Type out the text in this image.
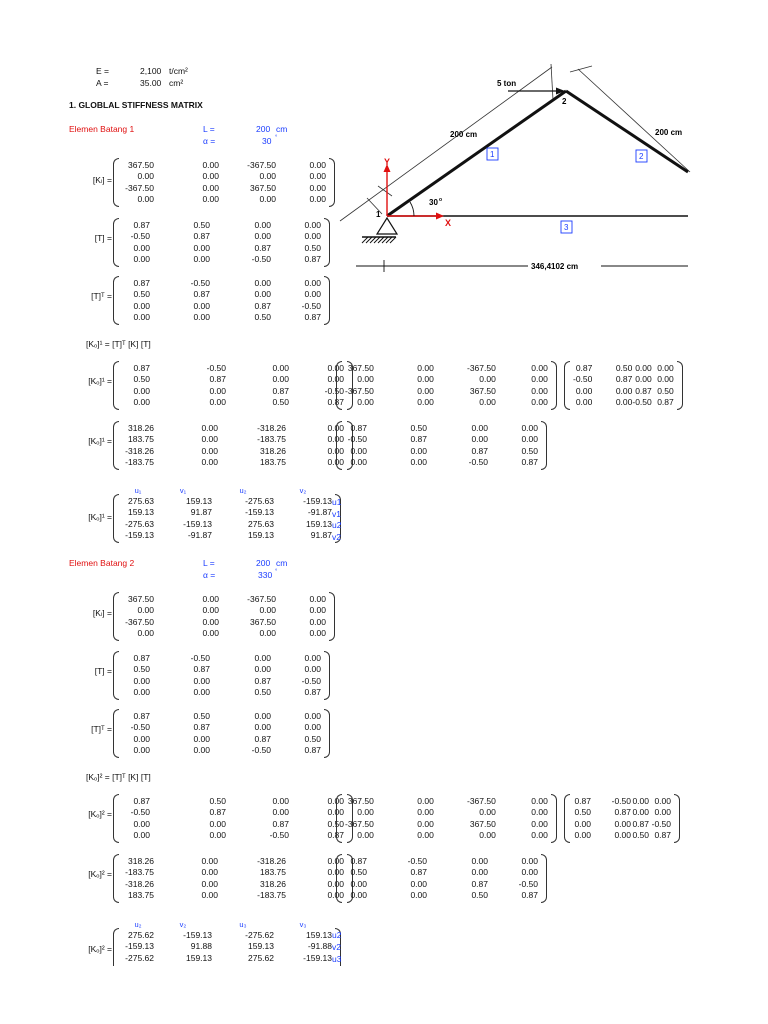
E =	2,100 t/cm²
A =	35.00 cm²
1. GLOBLAL STIFFNESS MATRIX
Elemen Batang 1	L =	200 cm
α =	30 °
[Kₗ] =
367.50	0.00	-367.50	0.00
0.00	0.00	0.00	0.00
-367.50	0.00	367.50	0.00
0.00	0.00	0.00	0.00
[T] =
0.87	0.50	0.00	0.00
-0.50	0.87	0.00	0.00
0.00	0.00	0.87	0.50
0.00	0.00	-0.50	0.87
[T]ᵀ =
0.87	-0.50	0.00	0.00
0.50	0.87	0.00	0.00
0.00	0.00	0.87	-0.50
0.00	0.00	0.50	0.87
[Kₒ]¹ = [T]ᵀ [K] [T]
[Kₒ]¹ =
0.87	-0.50	0.00	0.00
0.50	0.87	0.00	0.00
0.00	0.00	0.87	-0.50
0.00	0.00	0.50	0.87
367.50	0.00	-367.50	0.00
0.00	0.00	0.00	0.00
-367.50	0.00	367.50	0.00
0.00	0.00	0.00	0.00
0.87	0.50	0.00	0.00
-0.50	0.87	0.00	0.00
0.00	0.00	0.87	0.50
0.00	0.00	-0.50	0.87
[Kₒ]¹ =
318.26	0.00	-318.26	0.00
183.75	0.00	-183.75	0.00
-318.26	0.00	318.26	0.00
-183.75	0.00	183.75	0.00
0.87	0.50	0.00	0.00
-0.50	0.87	0.00	0.00
0.00	0.00	0.87	0.50
0.00	0.00	-0.50	0.87
[Kₒ]¹ =
u₁	v₁	u₂	v₂
275.63	159.13	-275.63	-159.13
159.13	91.87	-159.13	-91.87
-275.63	-159.13	275.63	159.13
-159.13	-91.87	159.13	91.87
u1
v1
u2
v2
Elemen Batang 2	L =	200 cm
α =	330 °
[Kₗ] =
367.50	0.00	-367.50	0.00
0.00	0.00	0.00	0.00
-367.50	0.00	367.50	0.00
0.00	0.00	0.00	0.00
[T] =
0.87	-0.50	0.00	0.00
0.50	0.87	0.00	0.00
0.00	0.00	0.87	-0.50
0.00	0.00	0.50	0.87
[T]ᵀ =
0.87	0.50	0.00	0.00
-0.50	0.87	0.00	0.00
0.00	0.00	0.87	0.50
0.00	0.00	-0.50	0.87
[Kₒ]² = [T]ᵀ [K] [T]
[Kₒ]² =
0.87	0.50	0.00	0.00
-0.50	0.87	0.00	0.00
0.00	0.00	0.87	0.50
0.00	0.00	-0.50	0.87
367.50	0.00	-367.50	0.00
0.00	0.00	0.00	0.00
-367.50	0.00	367.50	0.00
0.00	0.00	0.00	0.00
0.87	-0.50	0.00	0.00
0.50	0.87	0.00	0.00
0.00	0.00	0.87	-0.50
0.00	0.00	0.50	0.87
[Kₒ]² =
318.26	0.00	-318.26	0.00
-183.75	0.00	183.75	0.00
-318.26	0.00	318.26	0.00
183.75	0.00	-183.75	0.00
0.87	-0.50	0.00	0.00
0.50	0.87	0.00	0.00
0.00	0.00	0.87	-0.50
0.00	0.00	0.50	0.87
[Kₒ]² =
u₂	v₂	u₃	v₃
275.62	-159.13	-275.62	159.13
-159.13	91.88	159.13	-91.88
-275.62	159.13	275.62	-159.13
u2
v2
u3
5 ton
2
1
200 cm	200 cm
1	2
3
Y
X
30 o
346,4102 cm
